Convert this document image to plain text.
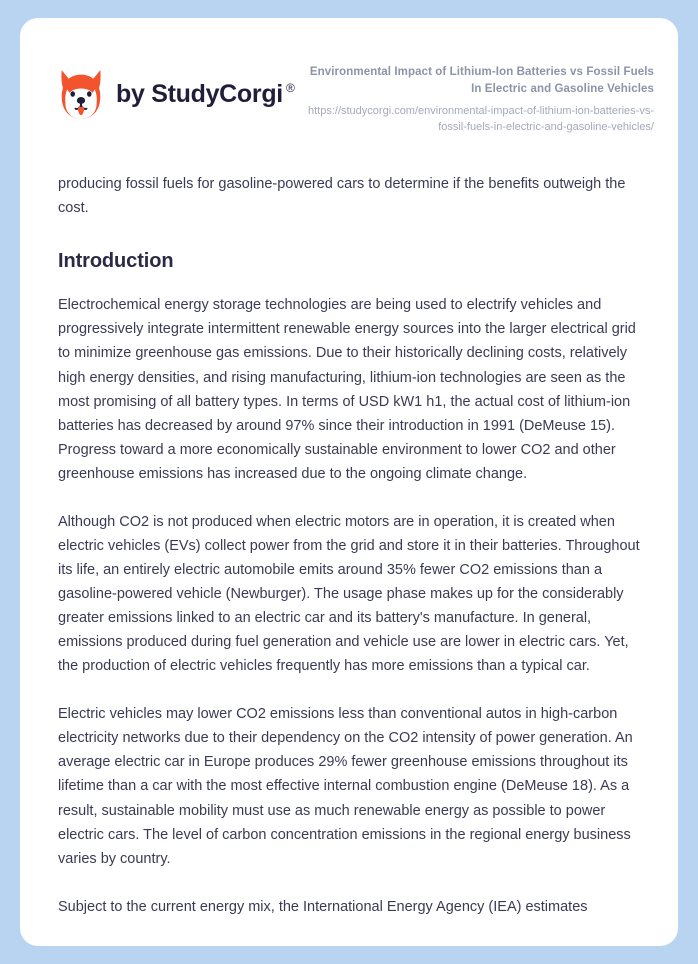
by StudyCorgi ®
Environmental Impact of Lithium-Ion Batteries vs Fossil Fuels In Electric and Gasoline Vehicles
https://studycorgi.com/environmental-impact-of-lithium-ion-batteries-vs-fossil-fuels-in-electric-and-gasoline-vehicles/

producing fossil fuels for gasoline-powered cars to determine if the benefits outweigh the cost.

Introduction

Electrochemical energy storage technologies are being used to electrify vehicles and progressively integrate intermittent renewable energy sources into the larger electrical grid to minimize greenhouse gas emissions. Due to their historically declining costs, relatively high energy densities, and rising manufacturing, lithium-ion technologies are seen as the most promising of all battery types. In terms of USD kW1 h1, the actual cost of lithium-ion batteries has decreased by around 97% since their introduction in 1991 (DeMeuse 15). Progress toward a more economically sustainable environment to lower CO2 and other greenhouse emissions has increased due to the ongoing climate change.

Although CO2 is not produced when electric motors are in operation, it is created when electric vehicles (EVs) collect power from the grid and store it in their batteries. Throughout its life, an entirely electric automobile emits around 35% fewer CO2 emissions than a gasoline-powered vehicle (Newburger). The usage phase makes up for the considerably greater emissions linked to an electric car and its battery's manufacture. In general, emissions produced during fuel generation and vehicle use are lower in electric cars. Yet, the production of electric vehicles frequently has more emissions than a typical car.

Electric vehicles may lower CO2 emissions less than conventional autos in high-carbon electricity networks due to their dependency on the CO2 intensity of power generation. An average electric car in Europe produces 29% fewer greenhouse emissions throughout its lifetime than a car with the most effective internal combustion engine (DeMeuse 18). As a result, sustainable mobility must use as much renewable energy as possible to power electric cars. The level of carbon concentration emissions in the regional energy business varies by country.

Subject to the current energy mix, the International Energy Agency (IEA) estimates
